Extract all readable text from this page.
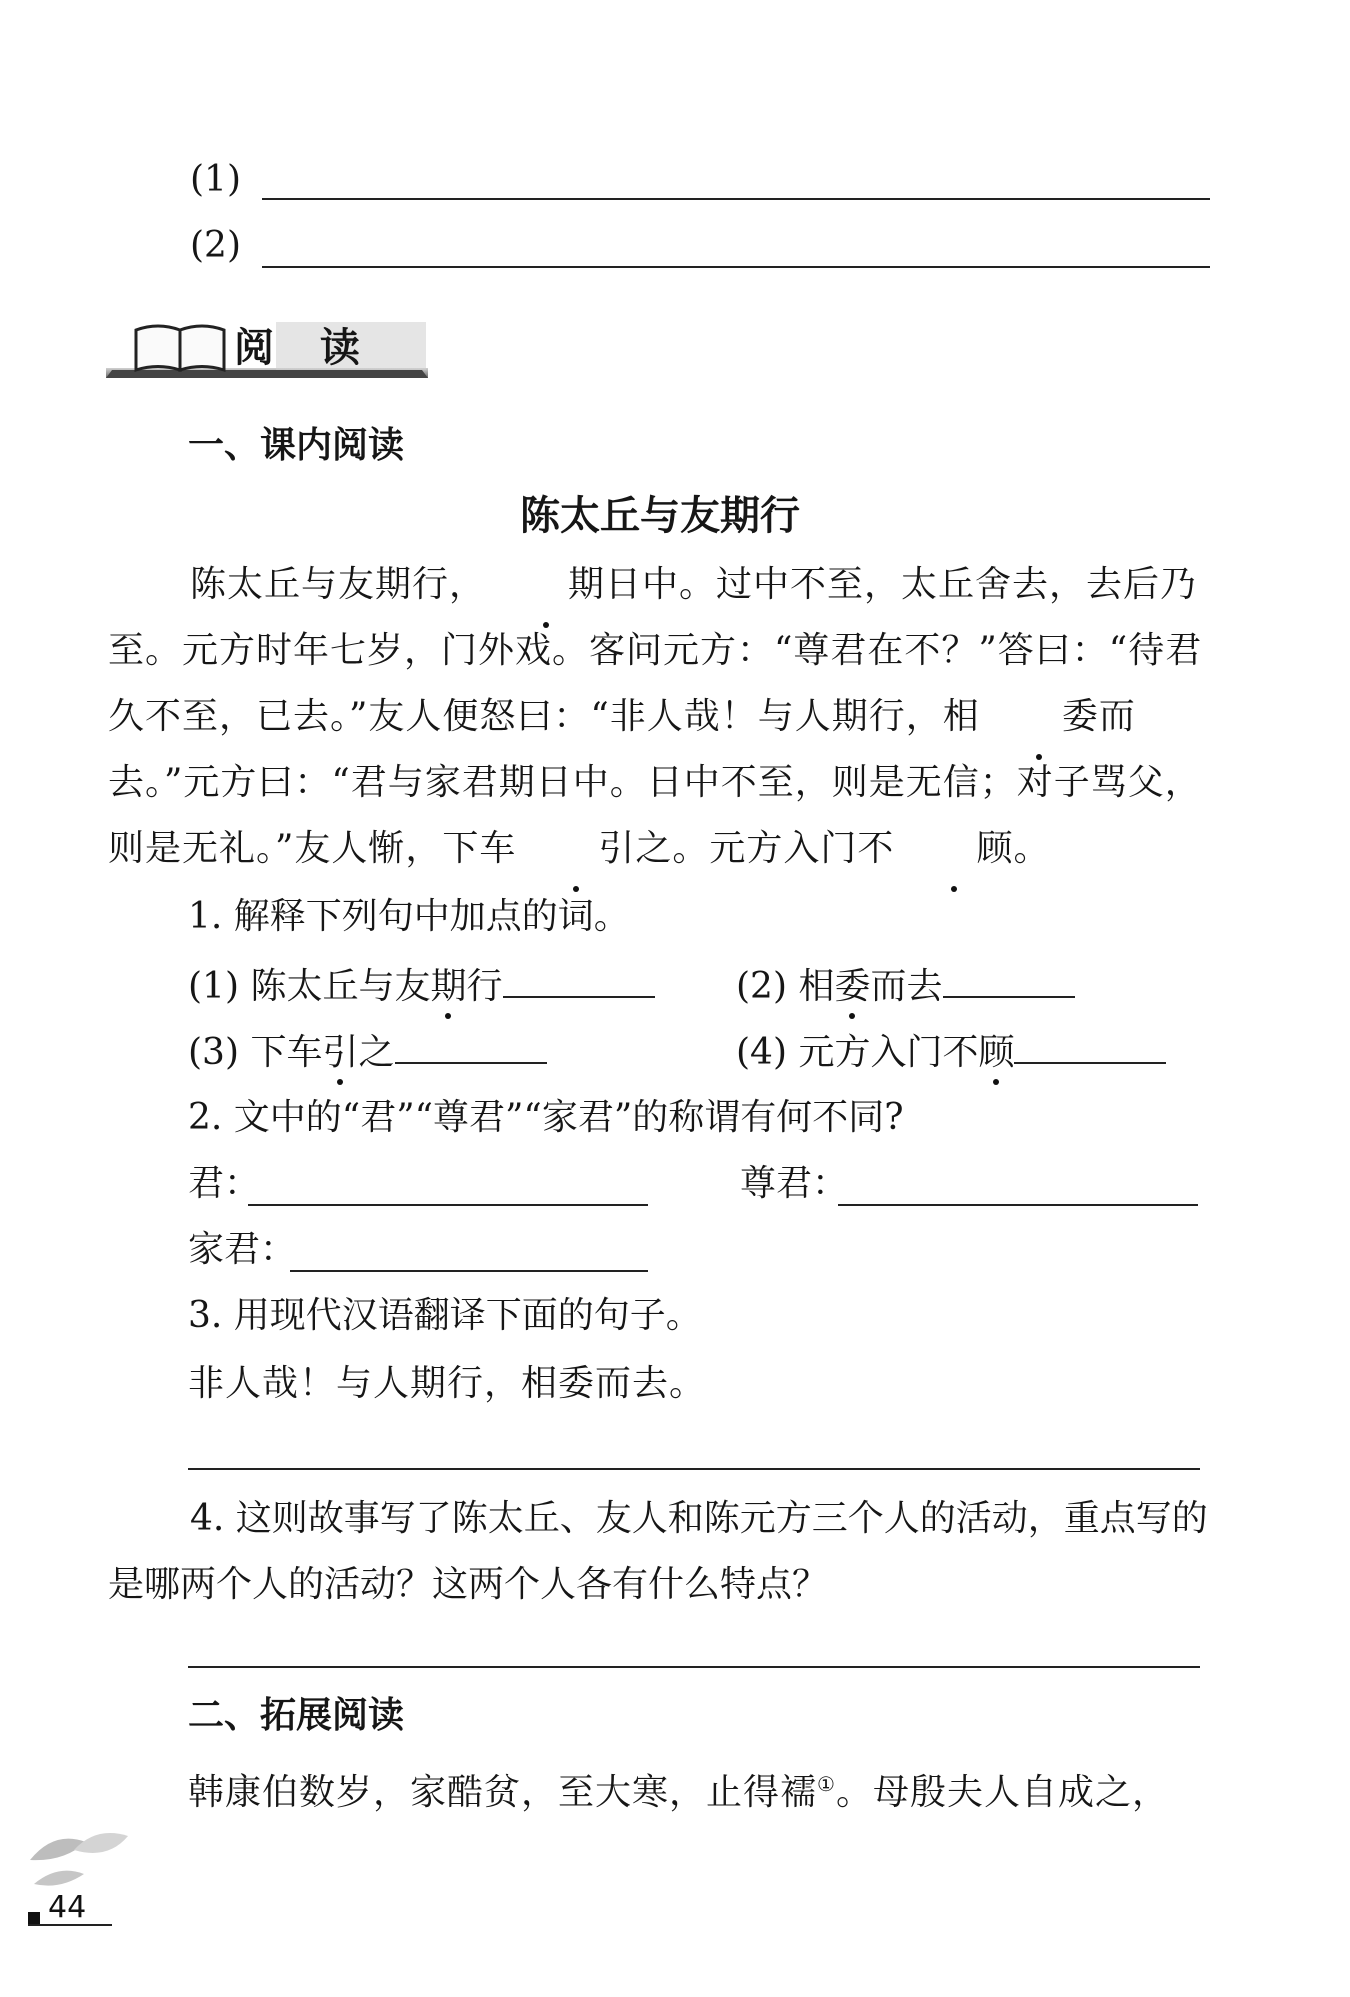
(1)
(2)
阅  读
一、课内阅读
陈太丘与友期行

陈太丘与友期行， 期日中。过中不至，太丘舍去，去后乃至。元方时年七岁，门外戏。客问元方：“尊君在不？”答曰：“待君久不至，已去。”友人便怒曰：“非人哉！与人期行，相 委而去。”元方曰：“君与家君期日中。日中不至，则是无信；对子骂父，则是无礼。”友人惭，下车 引之。元方入门不 顾。

1. 解释下列句中加点的词。
(1) 陈太丘与友期行	(2) 相委而去
(3) 下车引之	(4) 元方入门不顾
2. 文中的“君”“尊君”“家君”的称谓有何不同?
君：	尊君：
家君：
3. 用现代汉语翻译下面的句子。
非人哉！与人期行，相委而去。

4. 这则故事写了陈太丘、友人和陈元方三个人的活动，重点写的是哪两个人的活动？这两个人各有什么特点？

二、拓展阅读
韩康伯数岁，家酷贫，至大寒，止得襦①。母殷夫人自成之，
44
